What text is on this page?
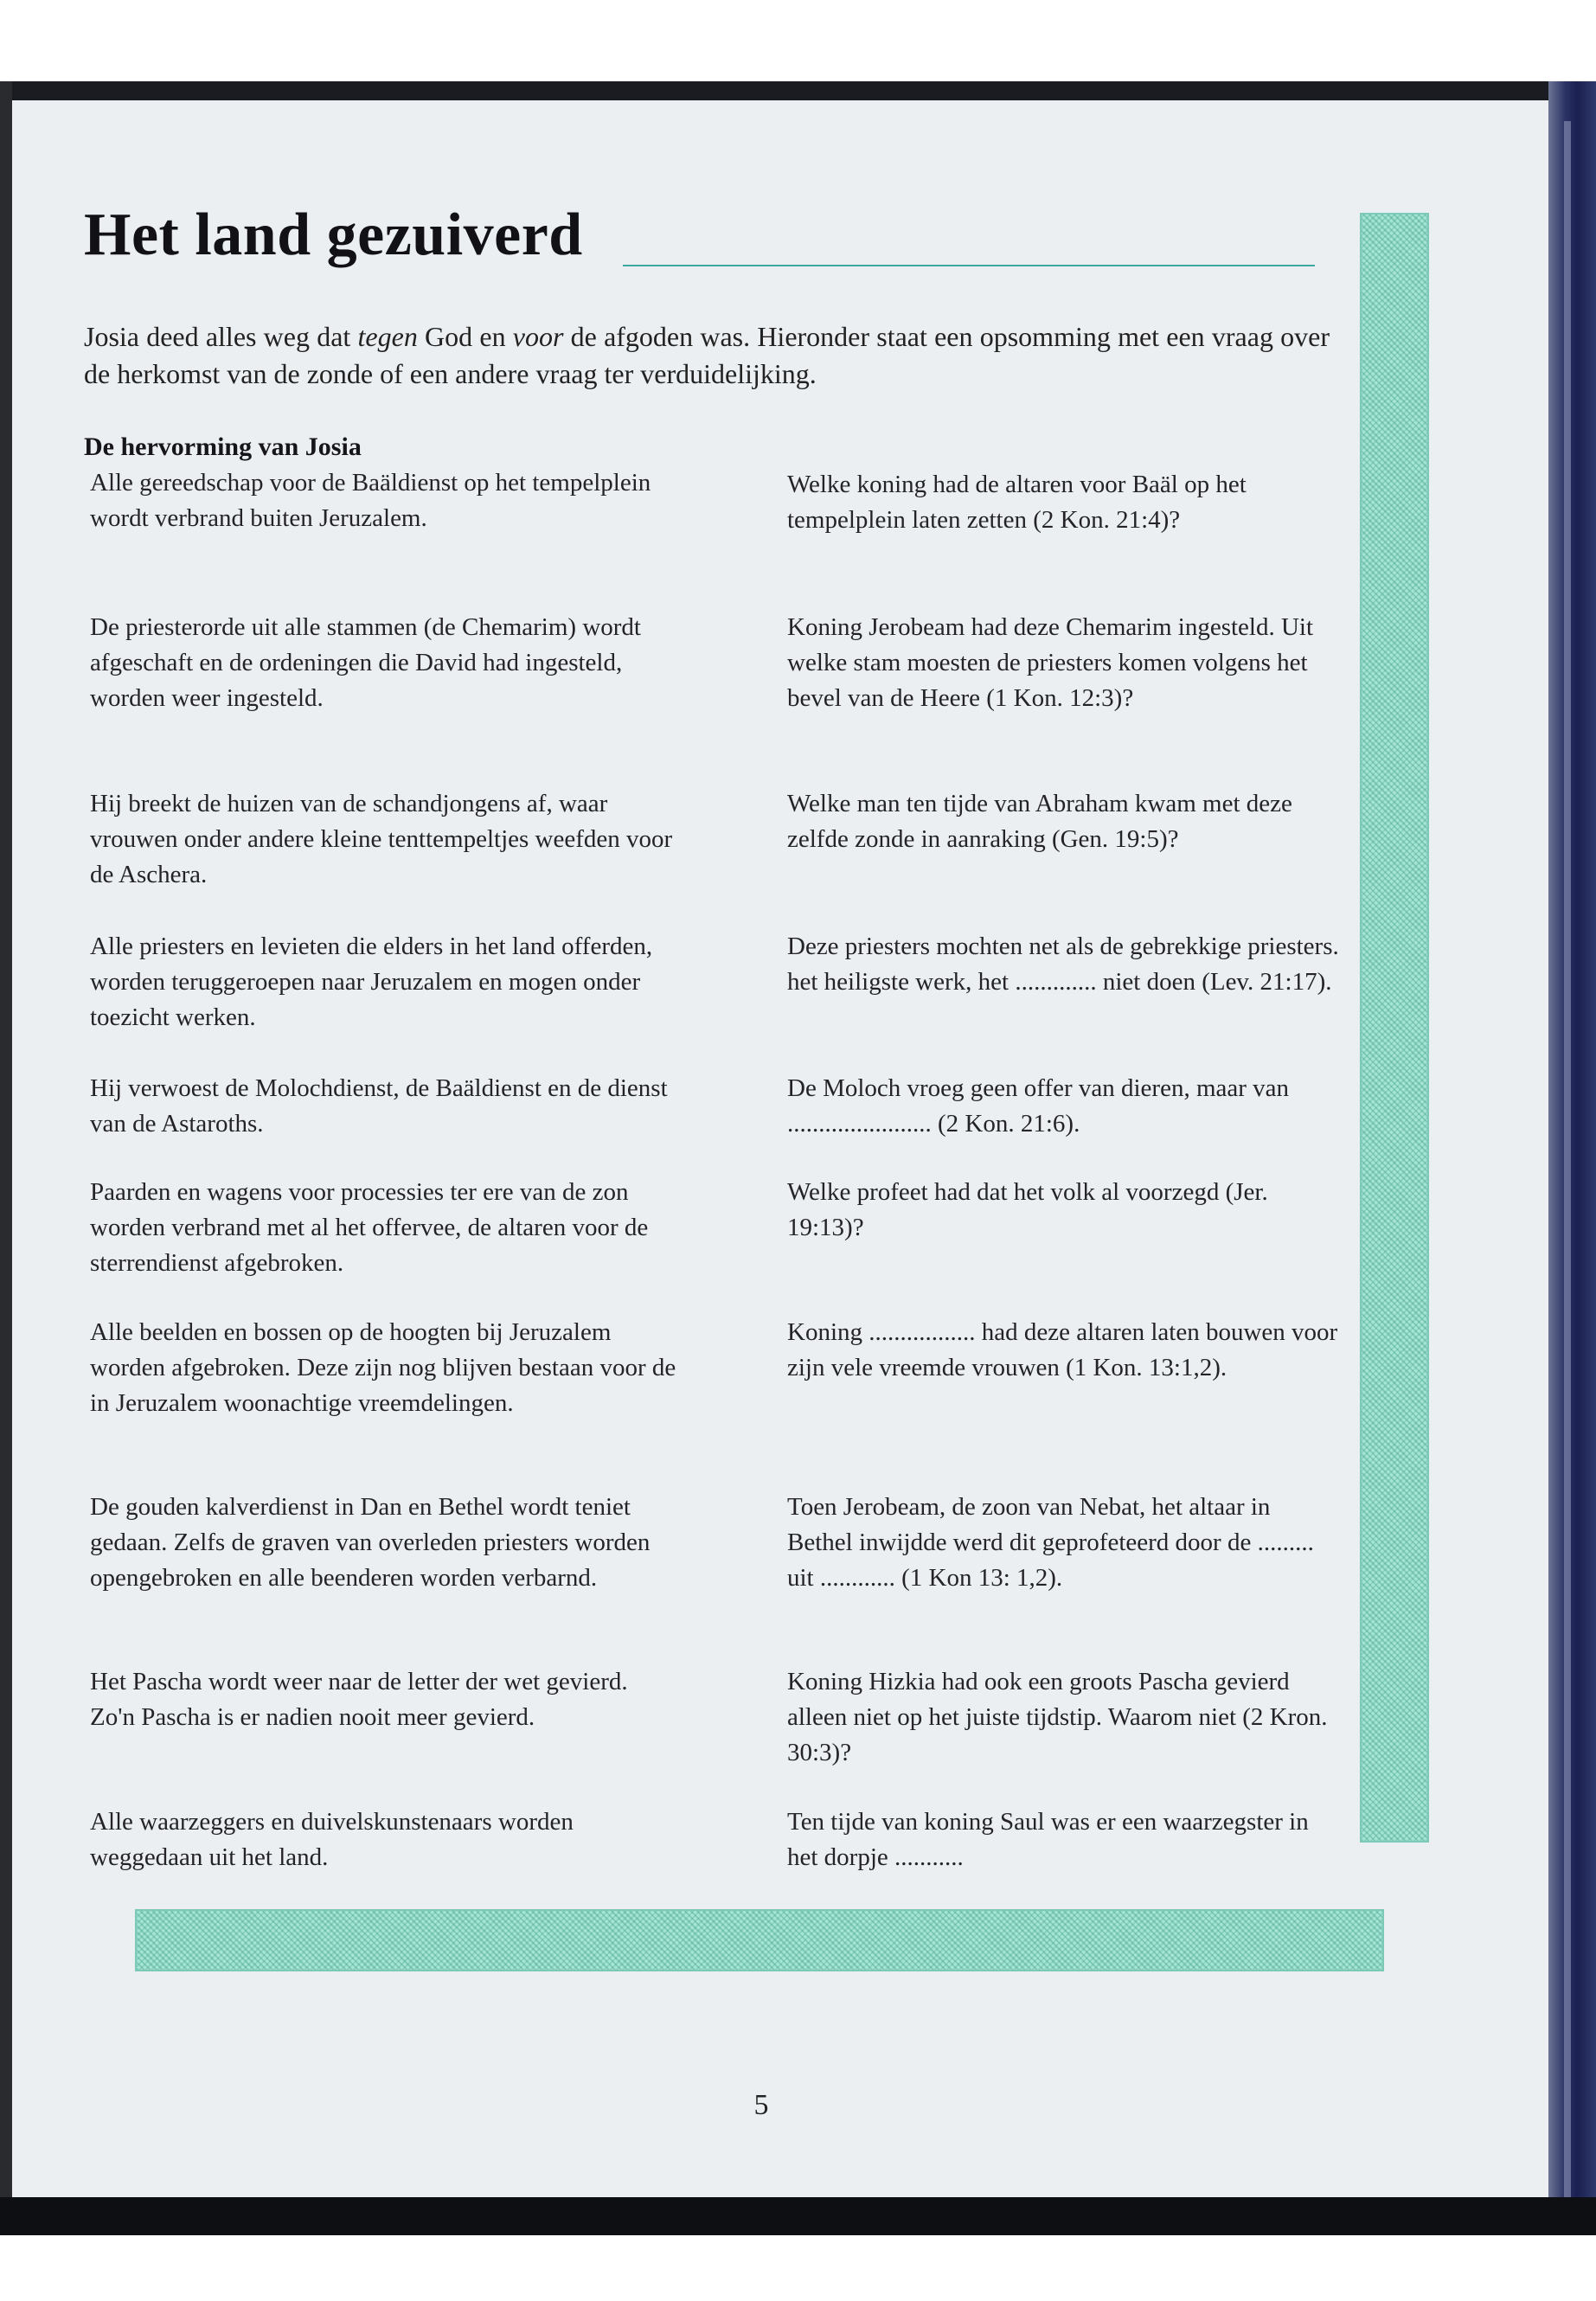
Het land gezuiverd

Josia deed alles weg dat tegen God en voor de afgoden was. Hieronder staat een opsomming met een vraag over de herkomst van de zonde of een andere vraag ter verduidelijking.

De hervorming van Josia

Alle gereedschap voor de Baäldienst op het tempelplein wordt verbrand buiten Jeruzalem.

Welke koning had de altaren voor Baäl op het tempelplein laten zetten (2 Kon. 21:4)?

De priesterorde uit alle stammen (de Chemarim) wordt afgeschaft en de ordeningen die David had ingesteld, worden weer ingesteld.

Koning Jerobeam had deze Chemarim ingesteld. Uit welke stam moesten de priesters komen volgens het bevel van de Heere (1 Kon. 12:3)?

Hij breekt de huizen van de schandjongens af, waar vrouwen onder andere kleine tenttempeltjes weefden voor de Aschera.

Welke man ten tijde van Abraham kwam met deze zelfde zonde in aanraking (Gen. 19:5)?

Alle priesters en levieten die elders in het land offerden, worden teruggeroepen naar Jeruzalem en mogen onder toezicht werken.

Deze priesters mochten net als de gebrekkige priesters. het heiligste werk, het ............. niet doen (Lev. 21:17).

Hij verwoest de Molochdienst, de Baäldienst en de dienst van de Astaroths.

De Moloch vroeg geen offer van dieren, maar van ....................... (2 Kon. 21:6).

Paarden en wagens voor processies ter ere van de zon worden verbrand met al het offervee, de altaren voor de sterrendienst afgebroken.

Welke profeet had dat het volk al voorzegd (Jer. 19:13)?

Alle beelden en bossen op de hoogten bij Jeruzalem worden afgebroken. Deze zijn nog blijven bestaan voor de in Jeruzalem woonachtige vreemdelingen.

Koning ................. had deze altaren laten bouwen voor zijn vele vreemde vrouwen (1 Kon. 13:1,2).

De gouden kalverdienst in Dan en Bethel wordt teniet gedaan. Zelfs de graven van overleden priesters worden opengebroken en alle beenderen worden verbarnd.

Toen Jerobeam, de zoon van Nebat, het altaar in Bethel inwijdde werd dit geprofeteerd door de ......... uit ............ (1 Kon 13: 1,2).

Het Pascha wordt weer naar de letter der wet gevierd. Zo'n Pascha is er nadien nooit meer gevierd.

Koning Hizkia had ook een groots Pascha gevierd alleen niet op het juiste tijdstip. Waarom niet (2 Kron. 30:3)?

Alle waarzeggers en duivelskunstenaars worden weggedaan uit het land.

Ten tijde van koning Saul was er een waarzegster in het dorpje ...........

5
